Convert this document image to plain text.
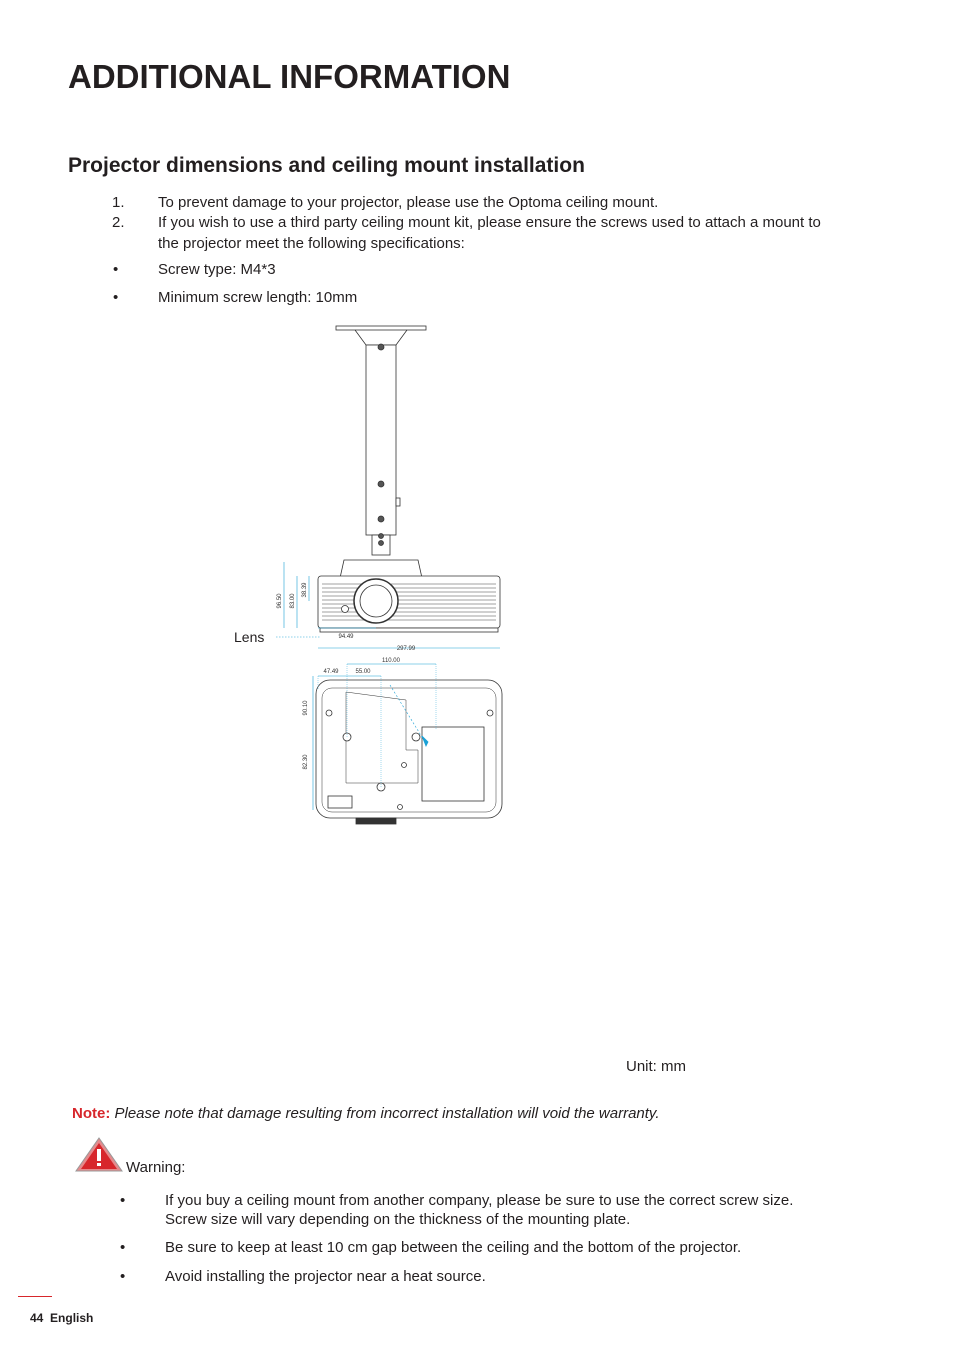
ADDITIONAL INFORMATION
Projector dimensions and ceiling mount installation
1. To prevent damage to your projector, please use the Optoma ceiling mount.
2. If you wish to use a third party ceiling mount kit, please ensure the screws used to attach a mount to
the projector meet the following specifications:
•	Screw type: M4*3
•	Minimum screw length: 10mm
96.50 83.00
38.39
94.49
297.99
110.00
47.49	55.00
90.10
82.30
Lens
Unit: mm
Note: Please note that damage resulting from incorrect installation will void the warranty.
Warning:
•	If you buy a ceiling mount from another company, please be sure to use the correct screw size.
Screw size will vary depending on the thickness of the mounting plate.
•	Be sure to keep at least 10 cm gap between the ceiling and the bottom of the projector.
•	Avoid installing the projector near a heat source.
44 English
